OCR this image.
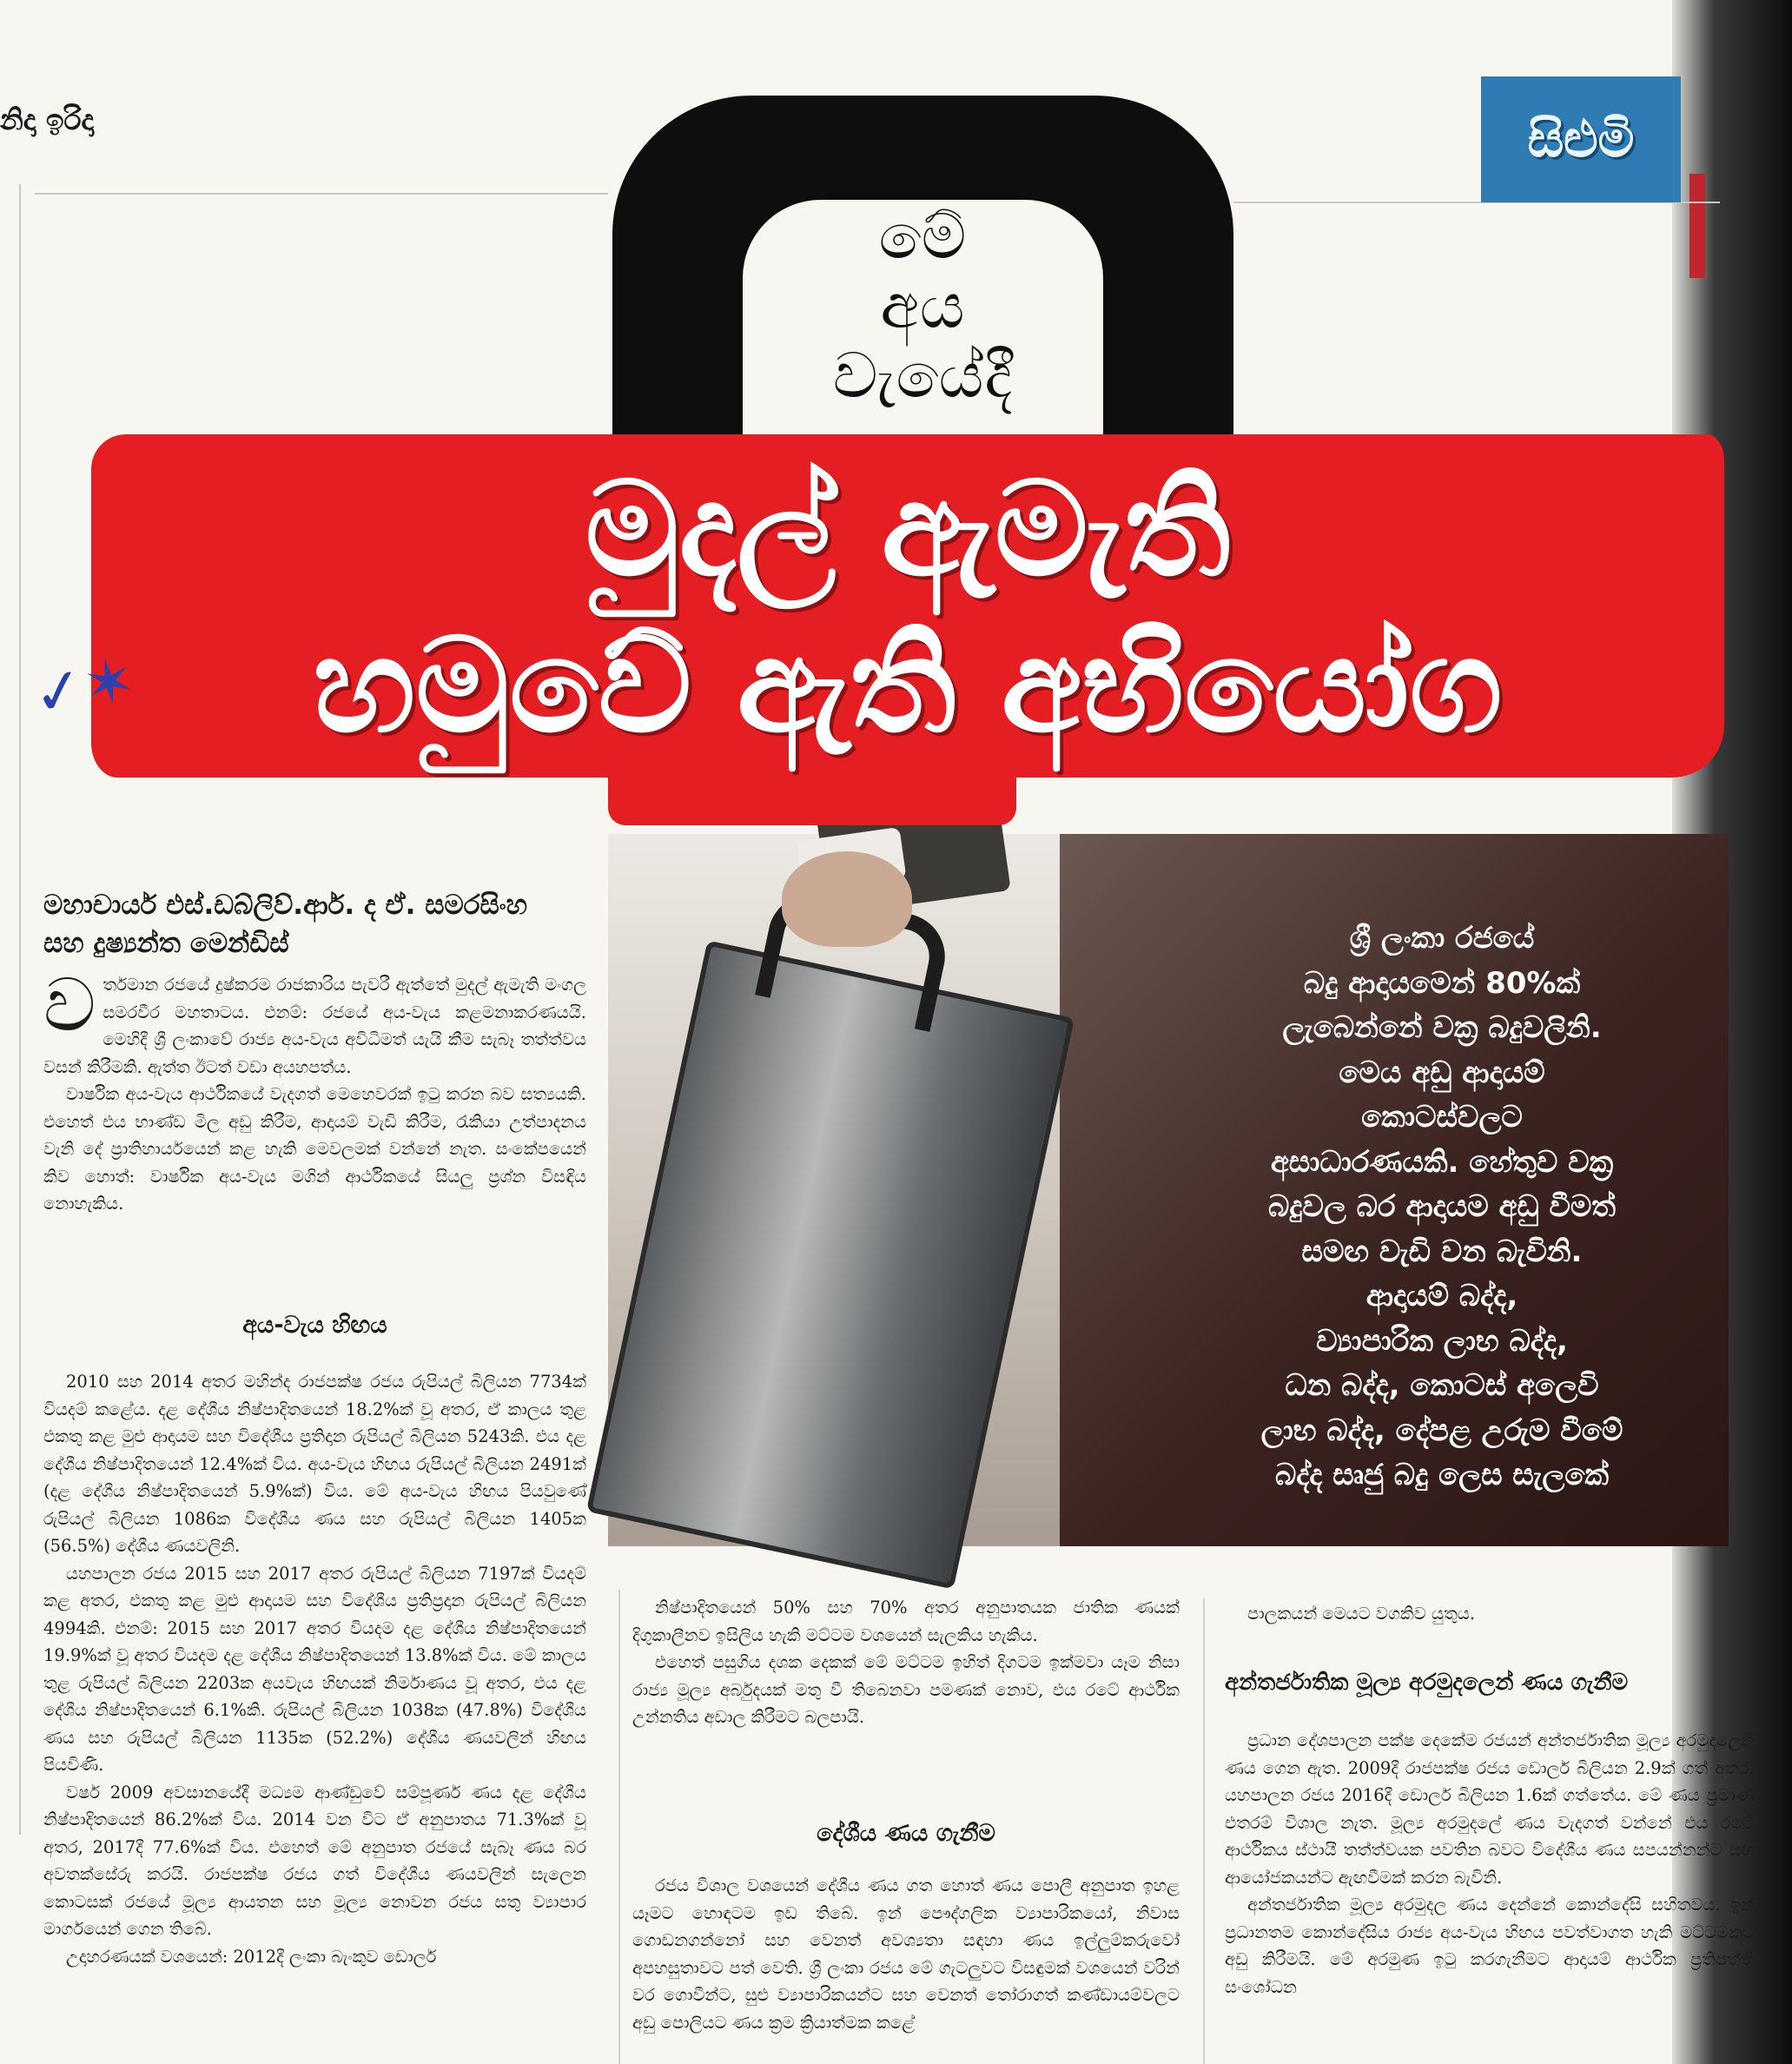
නිදා ඉරිදා	සිළුමි
මේ
අය
වැයේදී
මුදල් ඇමැති
හමුවේ ඇති අභියෝග
✓✶
ශ්‍රී ලංකා රජයේ
බදු ආදායමෙන් 80%ක්
ලැබෙන්නේ වක්‍ර බදුවලිනි.
මෙය අඩු ආදායම්
කොටස්වලට
අසාධාරණයකි. හේතුව වක්‍ර
බදුවල බර ආදායම අඩු වීමත්
සමඟ වැඩි වන බැවිනි.
ආදායම් බද්ද,
ව්‍යාපාරික ලාභ බද්ද,
ධන බද්ද, කොටස් අලෙවි
ලාභ බද්ද, දේපළ උරුම වීමේ
බද්ද සෘජු බදු ලෙස සැලකේ
මහාචාර්ය එස්.ඩබ්ලිව්.ආර්. ද ඒ. සමරසිංහ
සහ දුෂ්‍යන්ත මෙන්ඩිස්
ව ර්තමාන රජයේ දුෂ්කරම රාජකාරිය පැවරී ඇත්තේ මුදල් ඇමැති මංගල සමරවීර මහතාටය. එනම්: රජයේ අය-වැය කළමනාකරණයයි. මෙහිදී ශ්‍රී ලංකාවේ රාජ්‍ය අය-වැය අවිධිමත් යැයි කීම සැබෑ තත්ත්වය වසන් කිරීමකි. ඇත්ත ඊටත් වඩා අයහපත්ය.

වාර්ෂික අය-වැය ආර්ථිකයේ වැදගත් මෙහෙවරක් ඉටු කරන බව සත්‍යයකි. එහෙත් එය භාණ්ඩ මිල අඩු කිරීම, ආදායම් වැඩි කිරීම, රැකියා උත්පාදනය වැනි දේ ප්‍රාතිහාර්යයෙන් කළ හැකි මෙවලමක් වන්නේ නැත. සංකේපයෙන් කිව හොත්: වාර්ෂික අය-වැය මගින් ආර්ථිකයේ සියලු ප්‍රශ්න විසඳිය නොහැකිය.

අය-වැය හිඟය

2010 සහ 2014 අතර මහින්ද රාජපක්ෂ රජය රුපියල් බිලියන 7734ක් වියදම් කළේය. දළ දේශීය නිෂ්පාදිතයෙන් 18.2%ක් වූ අතර, ඒ කාලය තුළ එකතු කළ මුළු ආදායම සහ විදේශීය ප්‍රතිදාන රුපියල් බිලියන 5243කි. එය දළ දේශීය නිෂ්පාදිතයෙන් 12.4%ක් විය. අය-වැය හිඟය රුපියල් බිලියන 2491ක් (දළ දේශීය නිෂ්පාදිතයෙන් 5.9%ක්) විය. මේ අය-වැය හිඟය පියවුණේ රුපියල් බිලියන 1086ක විදේශීය ණය සහ රුපියල් බිලියන 1405ක (56.5%) දේශීය ණයවලිනි.

යහපාලන රජය 2015 සහ 2017 අතර රුපියල් බිලියන 7197ක් වියදම් කළ අතර, එකතු කළ මුළු ආදායම සහ විදේශීය ප්‍රතිප්‍රදාන රුපියල් බිලියන 4994කි. එනම්: 2015 සහ 2017 අතර වියදම දළ දේශීය නිෂ්පාදිතයෙන් 19.9%ක් වූ අතර වියදම දළ දේශීය නිෂ්පාදිතයෙන් 13.8%ක් විය. මේ කාලය තුළ රුපියල් බිලියන 2203ක අයවැය හිඟයක් නිර්මාණය වූ අතර, එය දළ දේශීය නිෂ්පාදිතයෙන් 6.1%කි. රුපියල් බිලියන 1038ක (47.8%) විදේශීය ණය සහ රුපියල් බිලියන 1135ක (52.2%) දේශීය ණයවලින් හිඟය පියවිණි.

වර්ෂ 2009 අවසානයේදී මධ්‍යම ආණ්ඩුවේ සම්පූර්ණ ණය දළ දේශීය නිෂ්පාදිතයෙන් 86.2%ක් විය. 2014 වන විට ඒ අනුපාතය 71.3%ක් වූ අතර, 2017දී 77.6%ක් විය. එහෙත් මේ අනුපාත රජයේ සැබෑ ණය බර අවතක්සේරු කරයි. රාජපක්ෂ රජය ගත් විදේශීය ණයවලින් සැලෙන කොටසක් රජයේ මූල්‍ය ආයතන සහ මූල්‍ය නොවන රජය සතු ව්‍යාපාර මාර්ගයෙන් ගෙන තිබේ.

උදාහරණයක් වශයෙන්: 2012දී ලංකා බැංකුව ඩොලර්

නිෂ්පාදිතයෙන් 50% සහ 70% අතර අනුපාතයක ජාතික ණයක් දිගුකාලීනව ඉසිලිය හැකි මට්ටම වශයෙන් සැලකිය හැකිය.

එහෙත් පසුගිය දශක දෙකක් මේ මට්ටම ඉහිත් දිගටම ඉක්මවා යෑම නිසා රාජ්‍ය මූල්‍ය අර්බුදයක් මතු වී තිබෙනවා පමණක් නොව, එය රටේ ආර්ථික උන්නතිය අඩාල කිරීමට බලපායි.

දේශීය ණය ගැනීම

රජය විශාල වශයෙන් දේශීය ණය ගත හොත් ණය පොලී අනුපාත ඉහළ යෑමට හොඳටම ඉඩ තිබේ. ඉන් පෞද්ගලික ව්‍යාපාරිකයෝ, නිවාස ගොඩනගන්නෝ සහ වෙනත් අවශ්‍යතා සඳහා ණය ඉල්ලුම්කරුවෝ අපහසුතාවට පත් වෙති. ශ්‍රී ලංකා රජය මේ ගැටලුවට විසඳුමක් වශයෙන් වරින් වර ගොවීන්ට, සුළු ව්‍යාපාරිකයන්ට සහ වෙනත් තෝරාගත් කණ්ඩායම්වලට අඩු පොලියට ණය ක්‍රම ක්‍රියාත්මක කළේ

පාලකයන් මෙයට වගකිව යුතුය.

අන්තර්ජාතික මූල්‍ය අරමුදලෙන් ණය ගැනීම

ප්‍රධාන දේශපාලන පක්ෂ දෙකේම රජයන් අන්තර්ජාතික මූල්‍ය අරමුදලෙන් ණය ගෙන ඇත. 2009දී රාජපක්ෂ රජය ඩොලර් බිලියන 2.9ක් ගත් අතර, යහපාලන රජය 2016දී ඩොලර් බිලියන 1.6ක් ගත්තේය. මේ ණය ප්‍රමාණ එතරම් විශාල නැත. මූල්‍ය අරමුදලේ ණය වැදගත් වන්නේ එය රටේ ආර්ථිකය ස්ථායී තත්ත්වයක පවතින බවට විදේශීය ණය සපයන්නන්ට සහ ආයෝජකයන්ට ඇඟවීමක් කරන බැවිනි.

අන්තර්ජාතික මූල්‍ය අරමුදල ණය දෙන්නේ කොන්දේසි සහිතවය. ඉන් ප්‍රධානතම කොන්දේසිය රාජ්‍ය අය-වැය හිඟය පවත්වාගත හැකි මට්ටමකට අඩු කිරීමයි. මේ අරමුණ ඉටු කරගැනීමට ආදායම් ආර්ථික ප්‍රතිපත්ති සංශෝධන
